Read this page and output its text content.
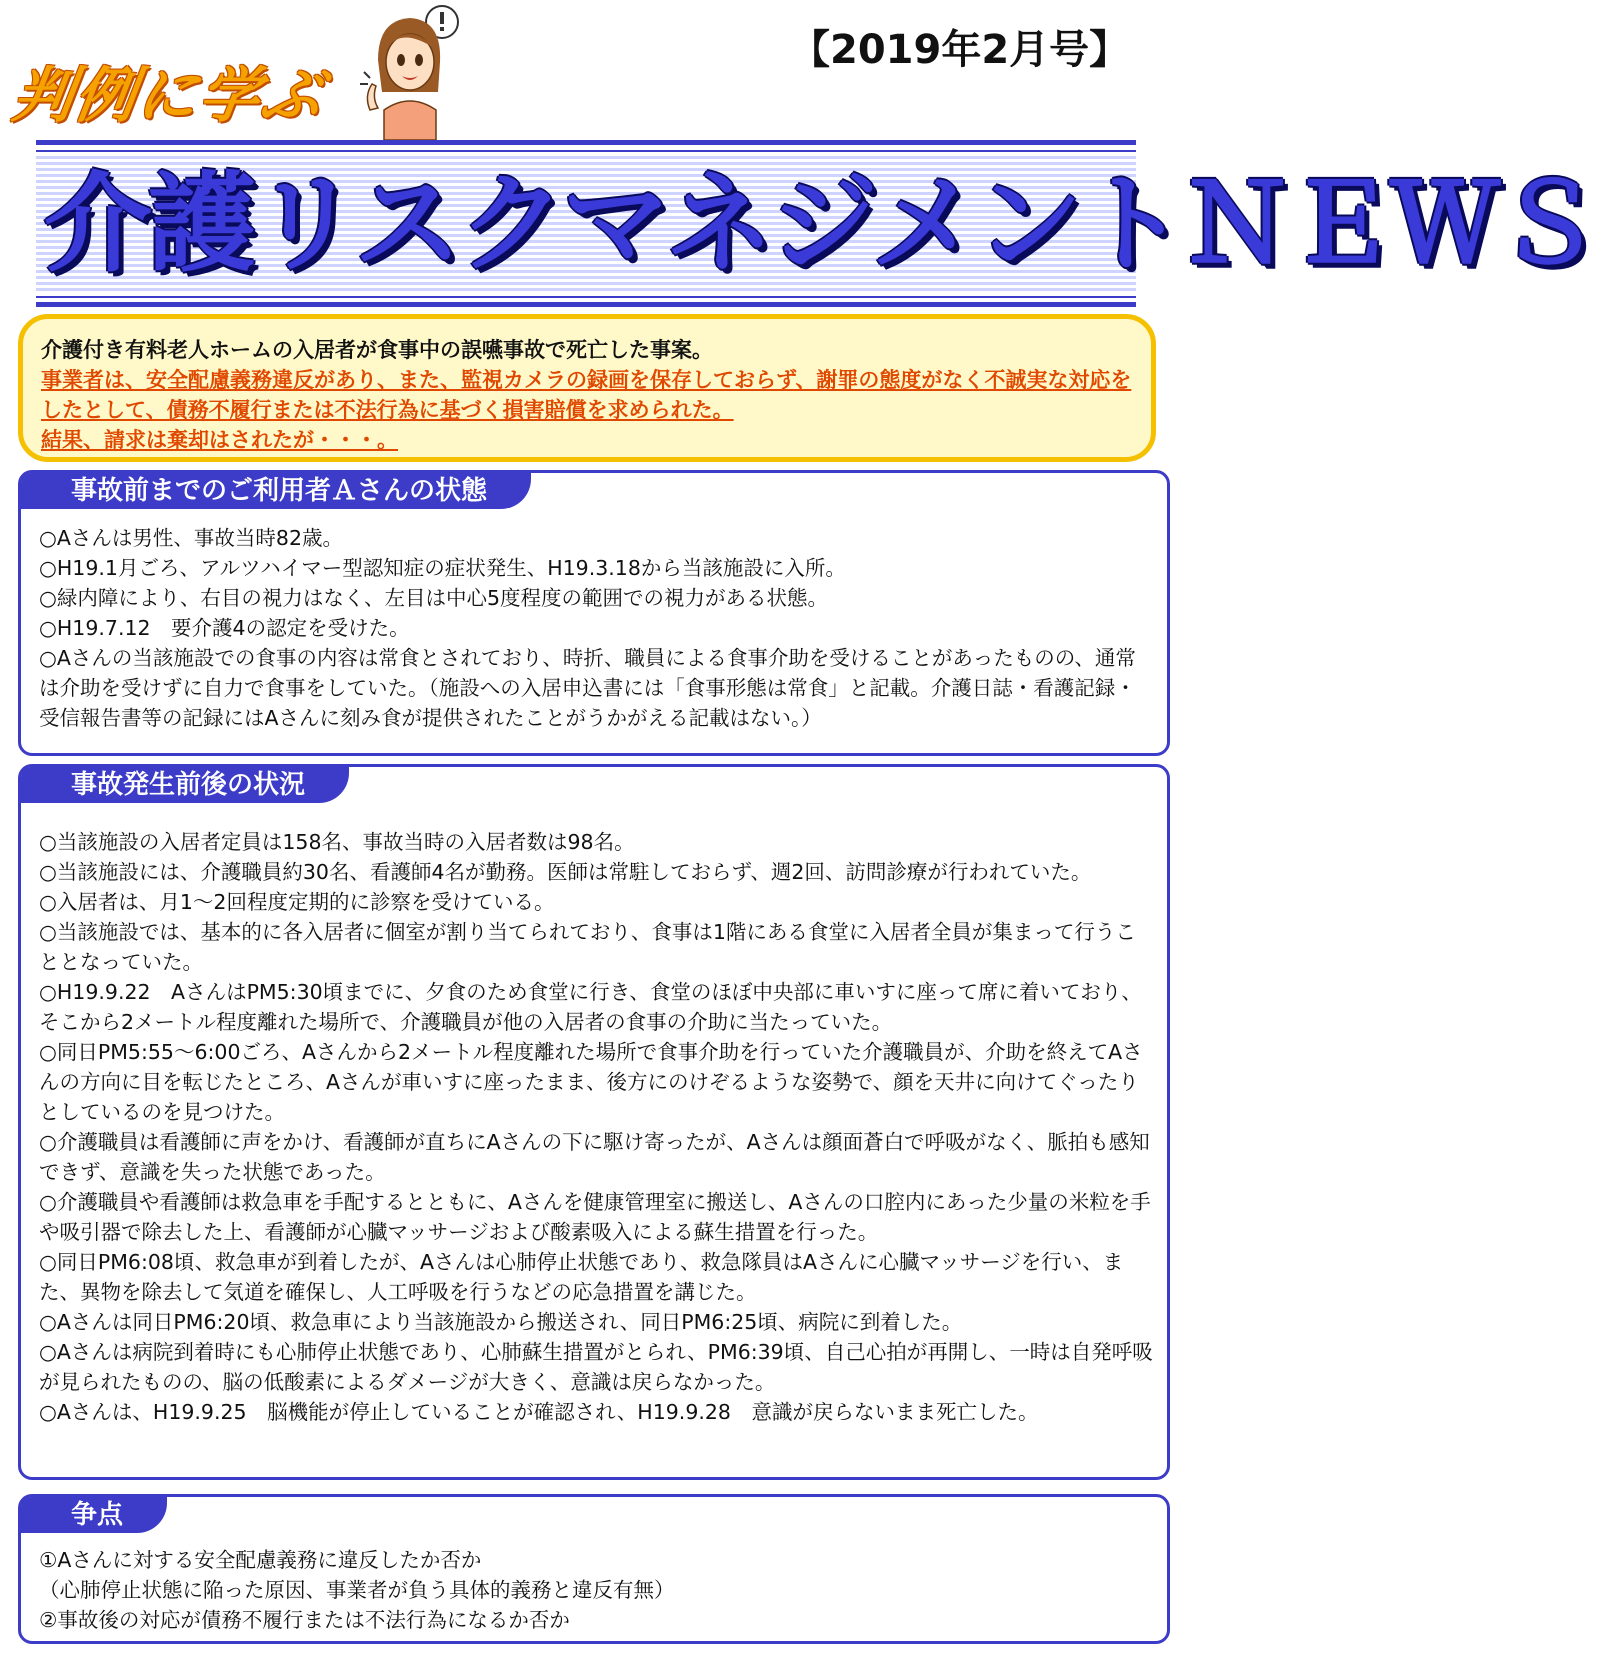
判例に学ぶ
【2019年2月号】
介護リスクマネジメントＮＥＷＳ
介護付き有料老人ホームの入居者が食事中の誤嚥事故で死亡した事案。
事業者は、安全配慮義務違反があり、また、監視カメラの録画を保存しておらず、謝罪の態度がなく不誠実な対応をしたとして、債務不履行または不法行為に基づく損害賠償を求められた。
結果、請求は棄却はされたが・・・。
事故前までのご利用者Ａさんの状態

○Aさんは男性、事故当時82歳。

○H19.1月ごろ、アルツハイマー型認知症の症状発生、H19.3.18から当該施設に入所。

○緑内障により、右目の視力はなく、左目は中心5度程度の範囲での視力がある状態。

○H19.7.12　要介護4の認定を受けた。

○Aさんの当該施設での食事の内容は常食とされており、時折、職員による食事介助を受けることがあったものの、通常は介助を受けずに自力で食事をしていた。（施設への入居申込書には「食事形態は常食」と記載。介護日誌・看護記録・受信報告書等の記録にはAさんに刻み食が提供されたことがうかがえる記載はない。）

事故発生前後の状況

○当該施設の入居者定員は158名、事故当時の入居者数は98名。

○当該施設には、介護職員約30名、看護師4名が勤務。医師は常駐しておらず、週2回、訪問診療が行われていた。

○入居者は、月1～2回程度定期的に診察を受けている。

○当該施設では、基本的に各入居者に個室が割り当てられており、食事は1階にある食堂に入居者全員が集まって行うこととなっていた。

○H19.9.22　AさんはPM5:30頃までに、夕食のため食堂に行き、食堂のほぼ中央部に車いすに座って席に着いており、そこから2メートル程度離れた場所で、介護職員が他の入居者の食事の介助に当たっていた。

○同日PM5:55～6:00ごろ、Aさんから2メートル程度離れた場所で食事介助を行っていた介護職員が、介助を終えてAさんの方向に目を転じたところ、Aさんが車いすに座ったまま、後方にのけぞるような姿勢で、顔を天井に向けてぐったりとしているのを見つけた。

○介護職員は看護師に声をかけ、看護師が直ちにAさんの下に駆け寄ったが、Aさんは顔面蒼白で呼吸がなく、脈拍も感知できず、意識を失った状態であった。

○介護職員や看護師は救急車を手配するとともに、Aさんを健康管理室に搬送し、Aさんの口腔内にあった少量の米粒を手や吸引器で除去した上、看護師が心臓マッサージおよび酸素吸入による蘇生措置を行った。

○同日PM6:08頃、救急車が到着したが、Aさんは心肺停止状態であり、救急隊員はAさんに心臓マッサージを行い、また、異物を除去して気道を確保し、人工呼吸を行うなどの応急措置を講じた。

○Aさんは同日PM6:20頃、救急車により当該施設から搬送され、同日PM6:25頃、病院に到着した。

○Aさんは病院到着時にも心肺停止状態であり、心肺蘇生措置がとられ、PM6:39頃、自己心拍が再開し、一時は自発呼吸が見られたものの、脳の低酸素によるダメージが大きく、意識は戻らなかった。

○Aさんは、H19.9.25　脳機能が停止していることが確認され、H19.9.28　意識が戻らないまま死亡した。

争点

①Aさんに対する安全配慮義務に違反したか否か

（心肺停止状態に陥った原因、事業者が負う具体的義務と違反有無）

②事故後の対応が債務不履行または不法行為になるか否か
